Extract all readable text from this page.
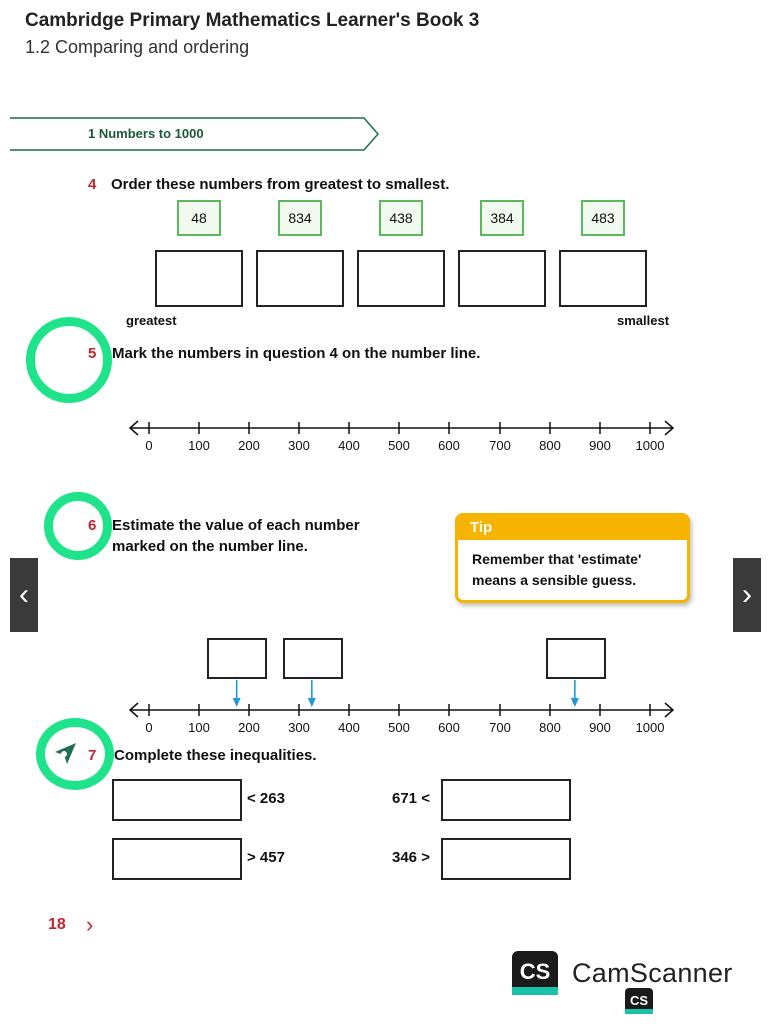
Cambridge Primary Mathematics Learner's Book 3
1.2 Comparing and ordering
1 Numbers to 1000
4 Order these numbers from greatest to smallest.
48	834	438	384	483
greatest	smallest
5 Mark the numbers in question 4 on the number line.
0	100 200 300 400 500 600 700 800 900 1000
6 Estimate the value of each number
marked on the number line.
Tip
Remember that 'estimate'
means a sensible guess.
0	100 200 300 400 500 600 700 800 900 1000
7 Complete these inequalities.
< 263	671 <
> 457	346 >
‹	›
18 ›
CS CamScanner
CS
